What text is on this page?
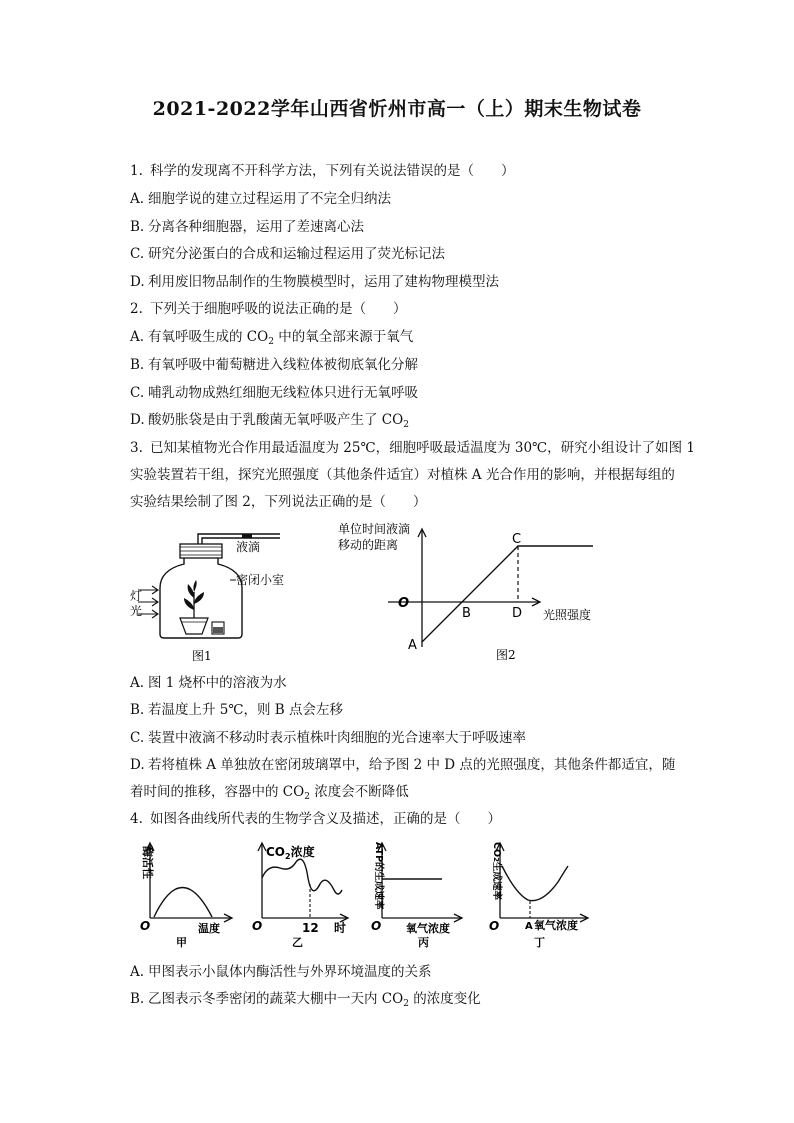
2021-2022学年山西省忻州市高一（上）期末生物试卷
1. 科学的发现离不开科学方法，下列有关说法错误的是（　　）
A. 细胞学说的建立过程运用了不完全归纳法
B. 分离各种细胞器，运用了差速离心法
C. 研究分泌蛋白的合成和运输过程运用了荧光标记法
D. 利用废旧物品制作的生物膜模型时，运用了建构物理模型法
2. 下列关于细胞呼吸的说法正确的是（　　）
A. 有氧呼吸生成的 $CO_2$ 中的氧全部来源于氧气
B. 有氧呼吸中葡萄糖进入线粒体被彻底氧化分解
C. 哺乳动物成熟红细胞无线粒体只进行无氧呼吸
D. 酸奶胀袋是由于乳酸菌无氧呼吸产生了 $CO_2$
3. 已知某植物光合作用最适温度为 25℃，细胞呼吸最适温度为 30℃，研究小组设计了如图 1
实验装置若干组，探究光照强度（其他条件适宜）对植株 A 光合作用的影响，并根据每组的
实验结果绘制了图 2，下列说法正确的是（　　）
密闭小室
液滴
灯
光
图1
单位时间液滴
移动的距离
O
A
B
C
D 光照强度
图2
A. 图 1 烧杯中的溶液为水
B. 若温度上升 5℃，则 B 点会左移
C. 装置中液滴不移动时表示植株叶肉细胞的光合速率大于呼吸速率
D. 若将植株 A 单独放在密闭玻璃罩中，给予图 2 中 D 点的光照强度，其他条件都适宜，随
着时间的推移，容器中的 $CO_2$ 浓度会不断降低
4. 如图各曲线所代表的生物学含义及描述，正确的是（　　）
酶活性
O	温度
甲
$CO_2$浓度
O	12 时
乙
ATP的生成速率
O 氧气浓度
丙
CO2生成速率
O	A 氧气浓度
丁
A. 甲图表示小鼠体内酶活性与外界环境温度的关系
B. 乙图表示冬季密闭的蔬菜大棚中一天内 $CO_2$ 的浓度变化
